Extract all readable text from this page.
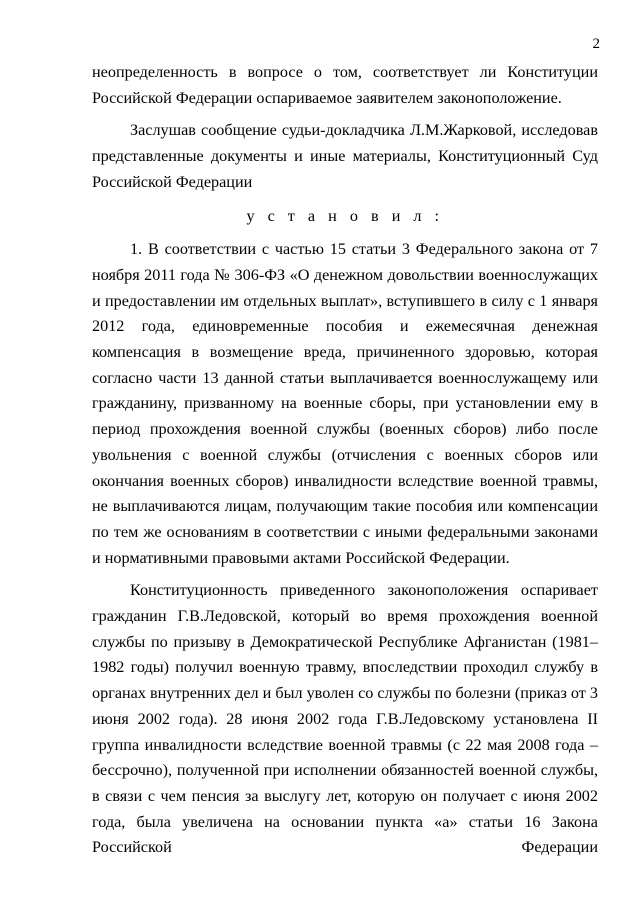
2

неопределенность в вопросе о том, соответствует ли Конституции Российской Федерации оспариваемое заявителем законоположение.

Заслушав сообщение судьи-докладчика Л.М.Жарковой, исследовав представленные документы и иные материалы, Конституционный Суд Российской Федерации

у с т а н о в и л :

1. В соответствии с частью 15 статьи 3 Федерального закона от 7 ноября 2011 года № 306-ФЗ «О денежном довольствии военнослужащих и предоставлении им отдельных выплат», вступившего в силу с 1 января 2012 года, единовременные пособия и ежемесячная денежная компенсация в возмещение вреда, причиненного здоровью, которая согласно части 13 данной статьи выплачивается военнослужащему или гражданину, призванному на военные сборы, при установлении ему в период прохождения военной службы (военных сборов) либо после увольнения с военной службы (отчисления с военных сборов или окончания военных сборов) инвалидности вследствие военной травмы, не выплачиваются лицам, получающим такие пособия или компенсации по тем же основаниям в соответствии с иными федеральными законами и нормативными правовыми актами Российской Федерации.

Конституционность приведенного законоположения оспаривает гражданин Г.В.Ледовской, который во время прохождения военной службы по призыву в Демократической Республике Афганистан (1981–1982 годы) получил военную травму, впоследствии проходил службу в органах внутренних дел и был уволен со службы по болезни (приказ от 3 июня 2002 года). 28 июня 2002 года Г.В.Ледовскому установлена II группа инвалидности вследствие военной травмы (с 22 мая 2008 года – бессрочно), полученной при исполнении обязанностей военной службы, в связи с чем пенсия за выслугу лет, которую он получает с июня 2002 года, была увеличена на основании пункта «а» статьи 16 Закона Российской Федерации
